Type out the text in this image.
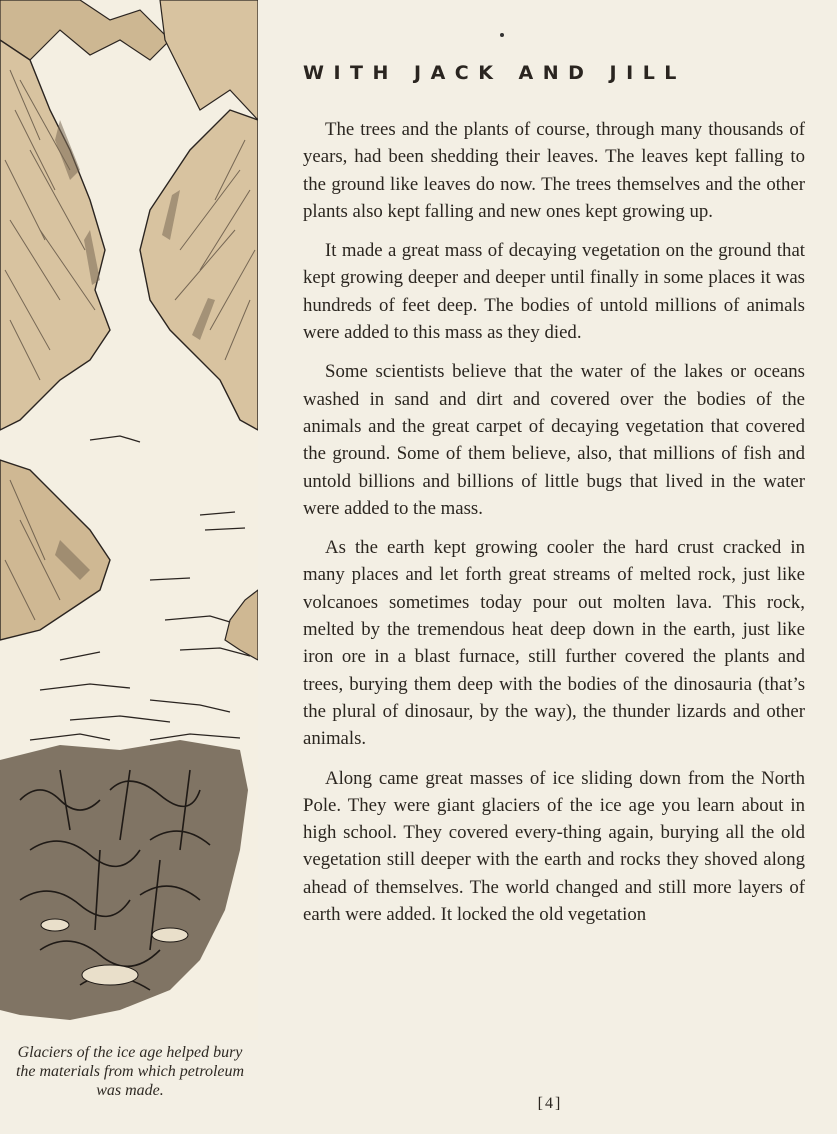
Glaciers of the ice age helped bury the materials from which petroleum was made.
WITH JACK AND JILL

The trees and the plants of course, through many thousands of years, had been shedding their leaves. The leaves kept falling to the ground like leaves do now. The trees themselves and the other plants also kept falling and new ones kept growing up.

It made a great mass of decaying vegetation on the ground that kept growing deeper and deeper until finally in some places it was hundreds of feet deep. The bodies of untold millions of animals were added to this mass as they died.

Some scientists believe that the water of the lakes or oceans washed in sand and dirt and covered over the bodies of the animals and the great carpet of decaying vegetation that covered the ground. Some of them believe, also, that millions of fish and untold billions and billions of little bugs that lived in the water were added to the mass.

As the earth kept growing cooler the hard crust cracked in many places and let forth great streams of melted rock, just like volcanoes sometimes today pour out molten lava. This rock, melted by the tremendous heat deep down in the earth, just like iron ore in a blast furnace, still further covered the plants and trees, burying them deep with the bodies of the dinosauria (that’s the plural of dinosaur, by the way), the thunder lizards and other animals.

Along came great masses of ice sliding down from the North Pole. They were giant glaciers of the ice age you learn about in high school. They covered every-thing again, burying all the old vegetation still deeper with the earth and rocks they shoved along ahead of themselves. The world changed and still more layers of earth were added. It locked the old vegetation

[4]
